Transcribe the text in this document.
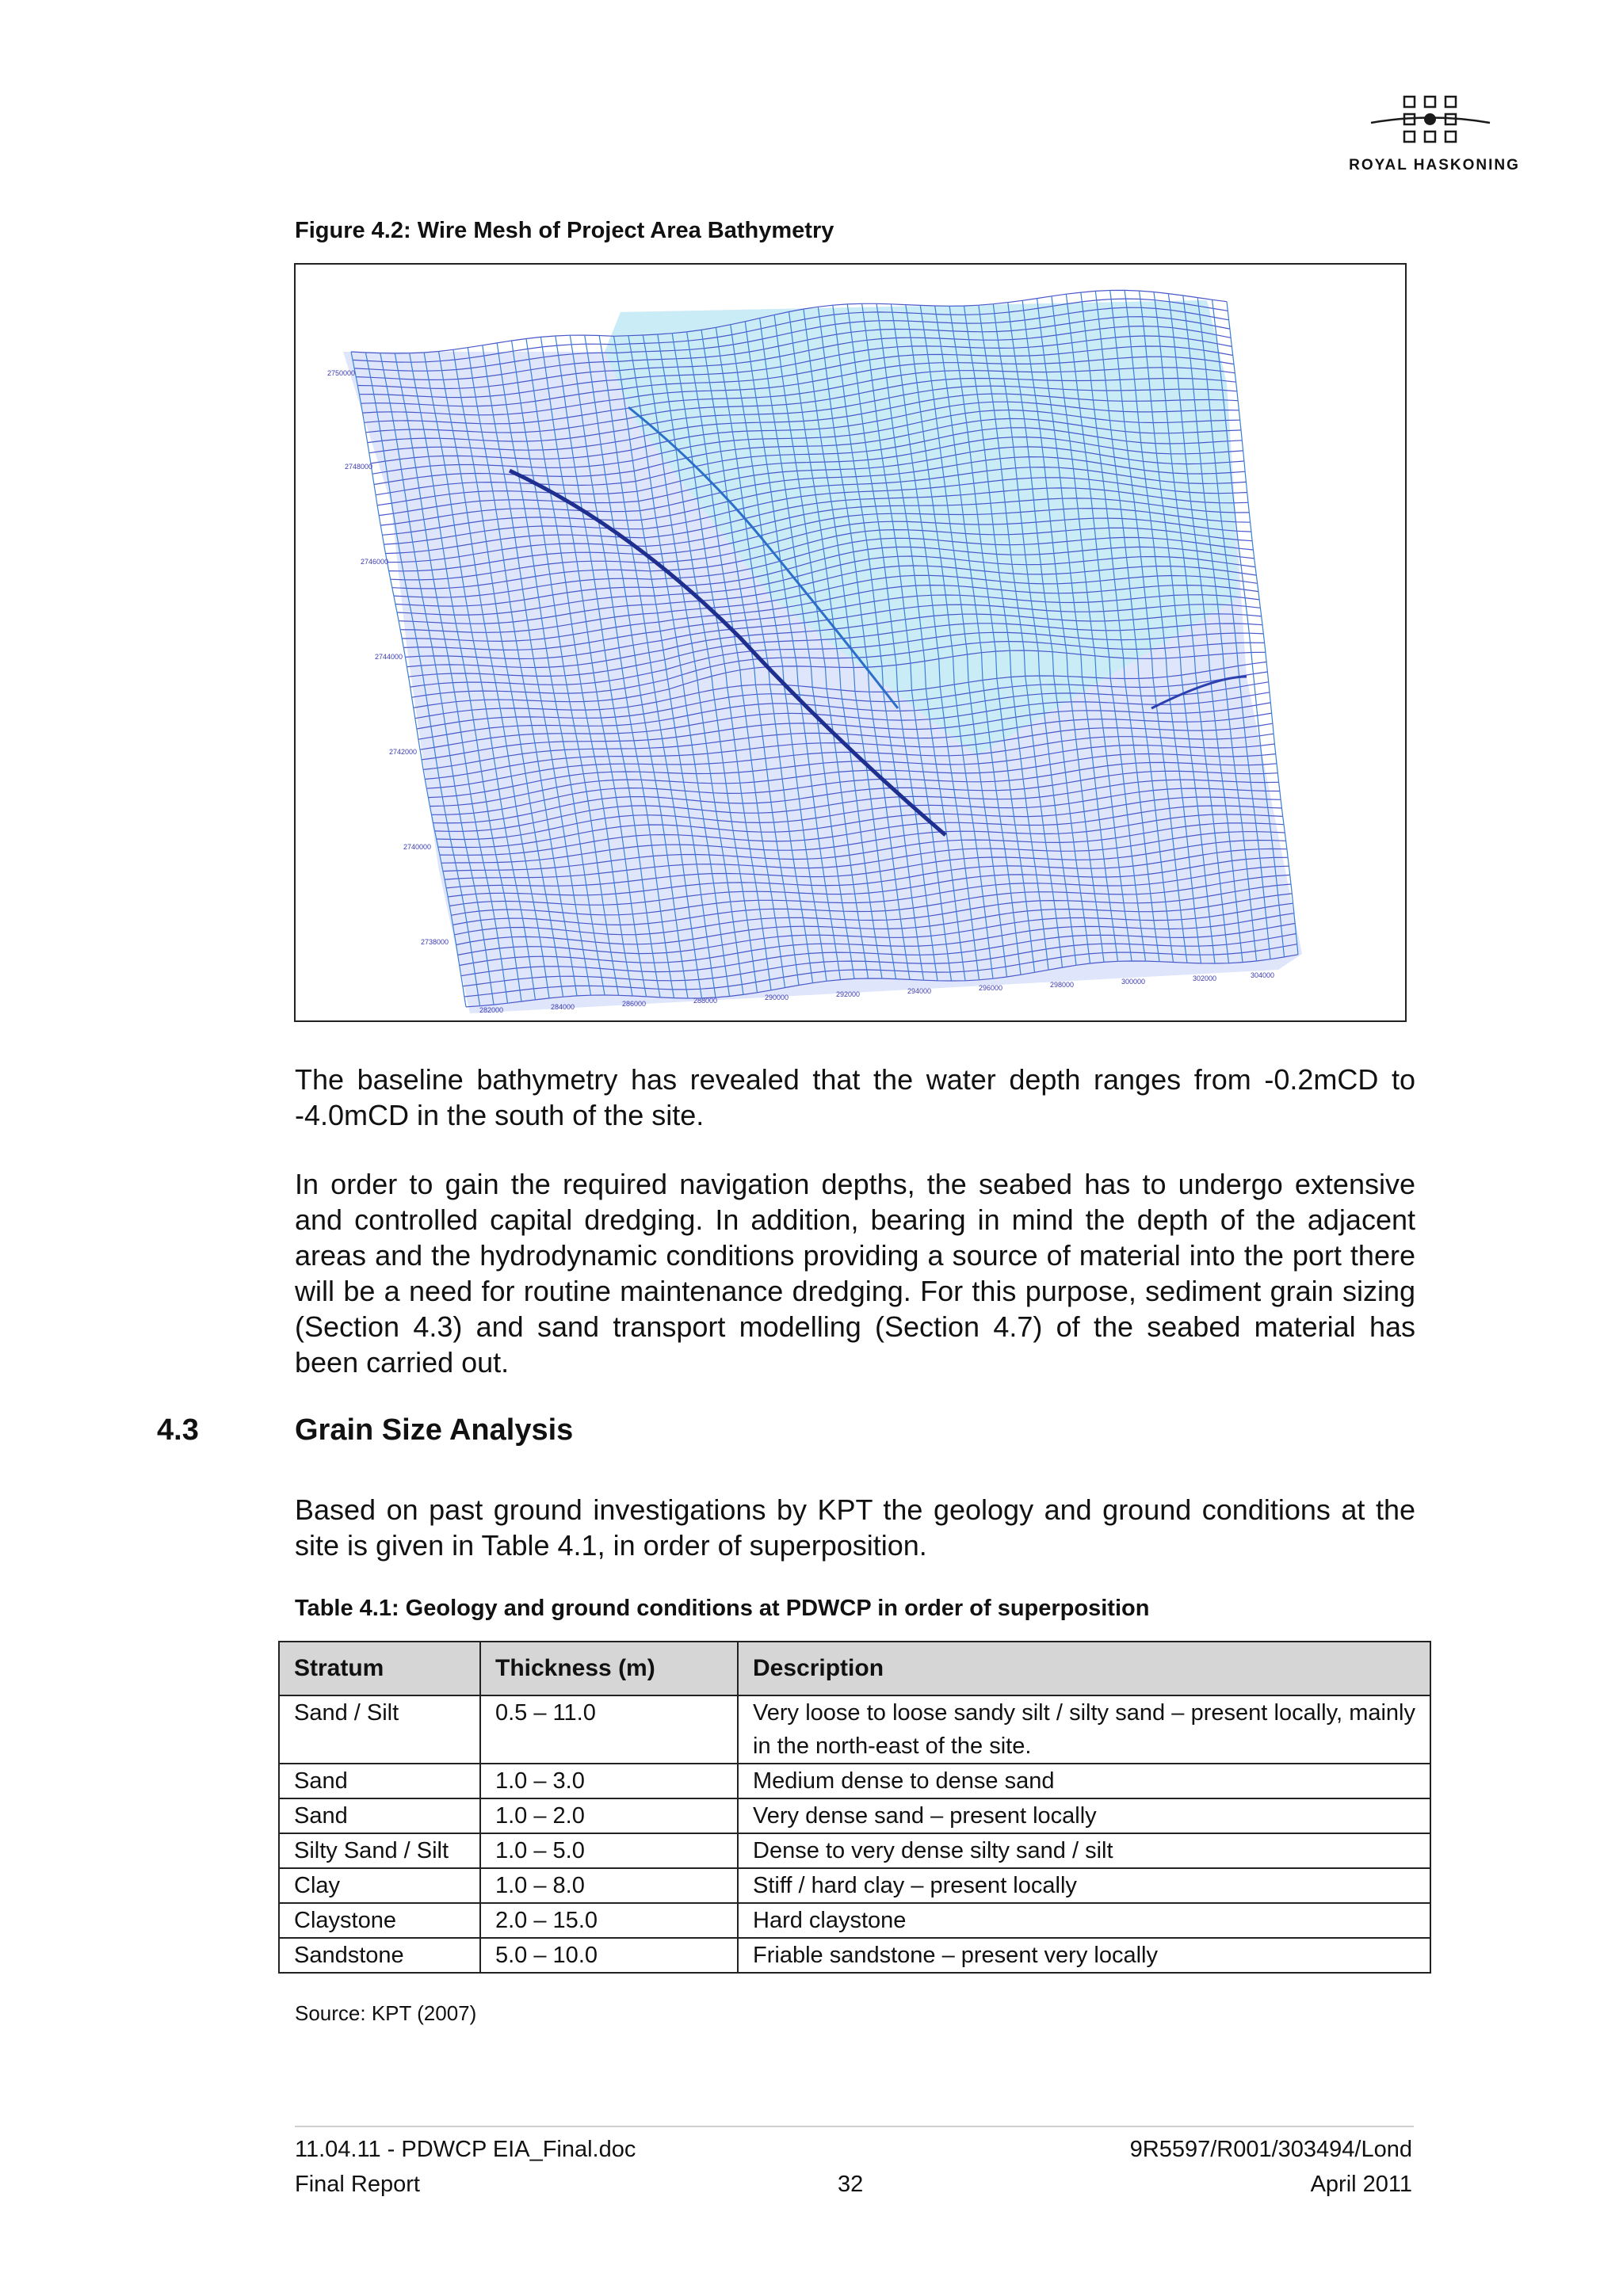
ROYAL HASKONING
Figure 4.2: Wire Mesh of Project Area Bathymetry
2750000
2748000
2746000
2744000
2742000
2740000
2738000
282000	284000	286000	288000	290000	292000	294000	296000	298000	300000	302000	304000
The baseline bathymetry has revealed that the water depth ranges from -0.2mCD to -4.0mCD in the south of the site.
In order to gain the required navigation depths, the seabed has to undergo extensive and controlled capital dredging. In addition, bearing in mind the depth of the adjacent areas and the hydrodynamic conditions providing a source of material into the port there will be a need for routine maintenance dredging. For this purpose, sediment grain sizing (Section 4.3) and sand transport modelling (Section 4.7) of the seabed material has been carried out.
4.3	Grain Size Analysis
Based on past ground investigations by KPT the geology and ground conditions at the site is given in Table 4.1, in order of superposition.
Table 4.1: Geology and ground conditions at PDWCP in order of superposition
Stratum	Thickness (m)	Description
Sand / Silt	0.5 – 11.0	Very loose to loose sandy silt / silty sand – present locally, mainly in the north-east of the site.
Sand	1.0 – 3.0	Medium dense to dense sand
Sand	1.0 – 2.0	Very dense sand – present locally
Silty Sand / Silt	1.0 – 5.0	Dense to very dense silty sand / silt
Clay	1.0 – 8.0	Stiff / hard clay – present locally
Claystone	2.0 – 15.0	Hard claystone
Sandstone	5.0 – 10.0	Friable sandstone – present very locally
Source: KPT (2007)
11.04.11 - PDWCP EIA_Final.doc
Final Report	32
9R5597/R001/303494/Lond
April 2011
